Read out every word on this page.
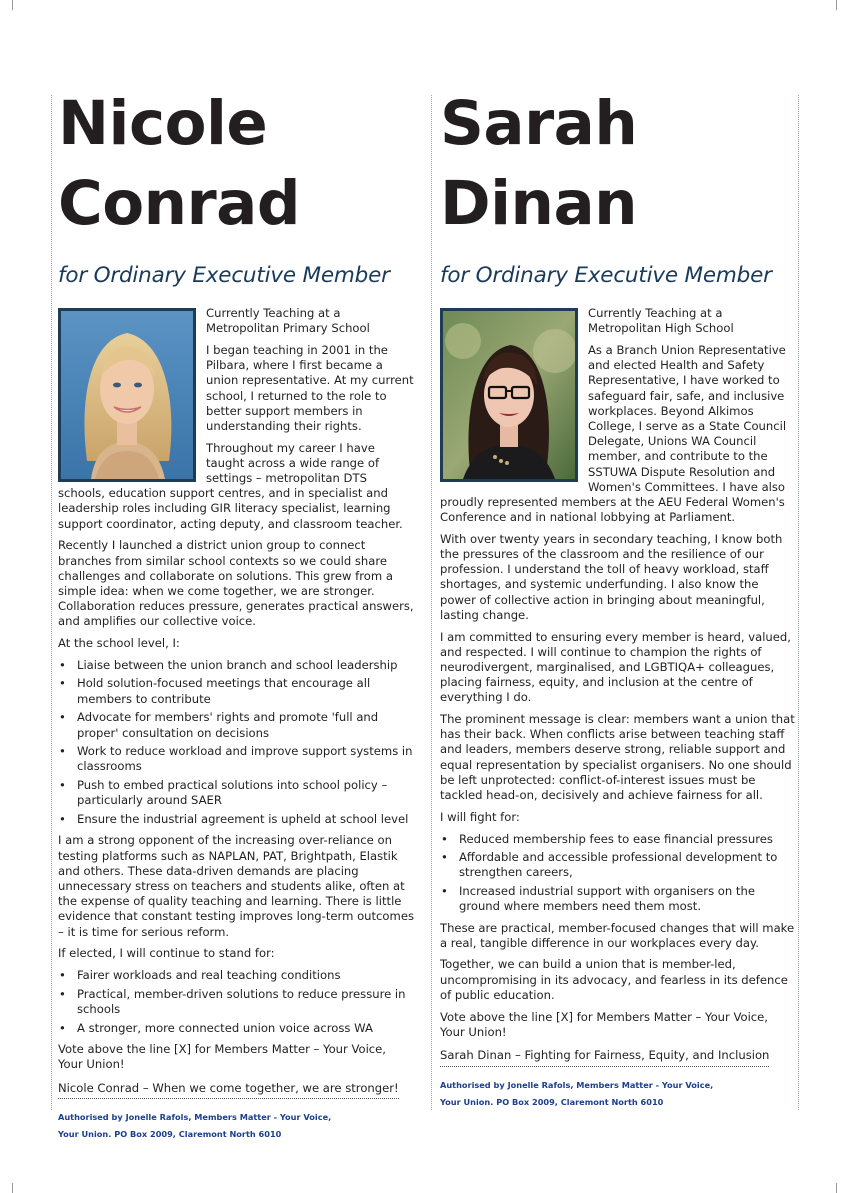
Nicole
Conrad
for Ordinary Executive Member

Currently Teaching at a Metropolitan Primary School

I began teaching in 2001 in the Pilbara, where I first became a union representative. At my current school, I returned to the role to better support members in understanding their rights.

Throughout my career I have taught across a wide range of settings – metropolitan DTS schools, education support centres, and in specialist and leadership roles including GIR literacy specialist, learning support coordinator, acting deputy, and classroom teacher.

Recently I launched a district union group to connect branches from similar school contexts so we could share challenges and collaborate on solutions. This grew from a simple idea: when we come together, we are stronger. Collaboration reduces pressure, generates practical answers, and amplifies our collective voice.

At the school level, I:

• Liaise between the union branch and school leadership
• Hold solution-focused meetings that encourage all members to contribute
• Advocate for members' rights and promote 'full and proper' consultation on decisions
• Work to reduce workload and improve support systems in classrooms
• Push to embed practical solutions into school policy – particularly around SAER
• Ensure the industrial agreement is upheld at school level

I am a strong opponent of the increasing over-reliance on testing platforms such as NAPLAN, PAT, Brightpath, Elastik and others. These data-driven demands are placing unnecessary stress on teachers and students alike, often at the expense of quality teaching and learning. There is little evidence that constant testing improves long-term outcomes – it is time for serious reform.

If elected, I will continue to stand for:

• Fairer workloads and real teaching conditions
• Practical, member-driven solutions to reduce pressure in schools
• A stronger, more connected union voice across WA

Vote above the line [X] for Members Matter – Your Voice, Your Union!

Nicole Conrad – When we come together, we are stronger!
Authorised by Jonelle Rafols, Members Matter - Your Voice,
Your Union. PO Box 2009, Claremont North 6010
Sarah
Dinan
for Ordinary Executive Member

Currently Teaching at a Metropolitan High School

As a Branch Union Representative and elected Health and Safety Representative, I have worked to safeguard fair, safe, and inclusive workplaces. Beyond Alkimos College, I serve as a State Council Delegate, Unions WA Council member, and contribute to the SSTUWA Dispute Resolution and Women's Committees. I have also proudly represented members at the AEU Federal Women's Conference and in national lobbying at Parliament.

With over twenty years in secondary teaching, I know both the pressures of the classroom and the resilience of our profession. I understand the toll of heavy workload, staff shortages, and systemic underfunding. I also know the power of collective action in bringing about meaningful, lasting change.

I am committed to ensuring every member is heard, valued, and respected. I will continue to champion the rights of neurodivergent, marginalised, and LGBTIQA+ colleagues, placing fairness, equity, and inclusion at the centre of everything I do.

The prominent message is clear: members want a union that has their back. When conflicts arise between teaching staff and leaders, members deserve strong, reliable support and equal representation by specialist organisers. No one should be left unprotected: conflict-of-interest issues must be tackled head-on, decisively and achieve fairness for all.

I will fight for:

• Reduced membership fees to ease financial pressures
• Affordable and accessible professional development to strengthen careers,
• Increased industrial support with organisers on the ground where members need them most.

These are practical, member-focused changes that will make a real, tangible difference in our workplaces every day.

Together, we can build a union that is member-led, uncompromising in its advocacy, and fearless in its defence of public education.

Vote above the line [X] for Members Matter – Your Voice, Your Union!

Sarah Dinan – Fighting for Fairness, Equity, and Inclusion
Authorised by Jonelle Rafols, Members Matter - Your Voice,
Your Union. PO Box 2009, Claremont North 6010
